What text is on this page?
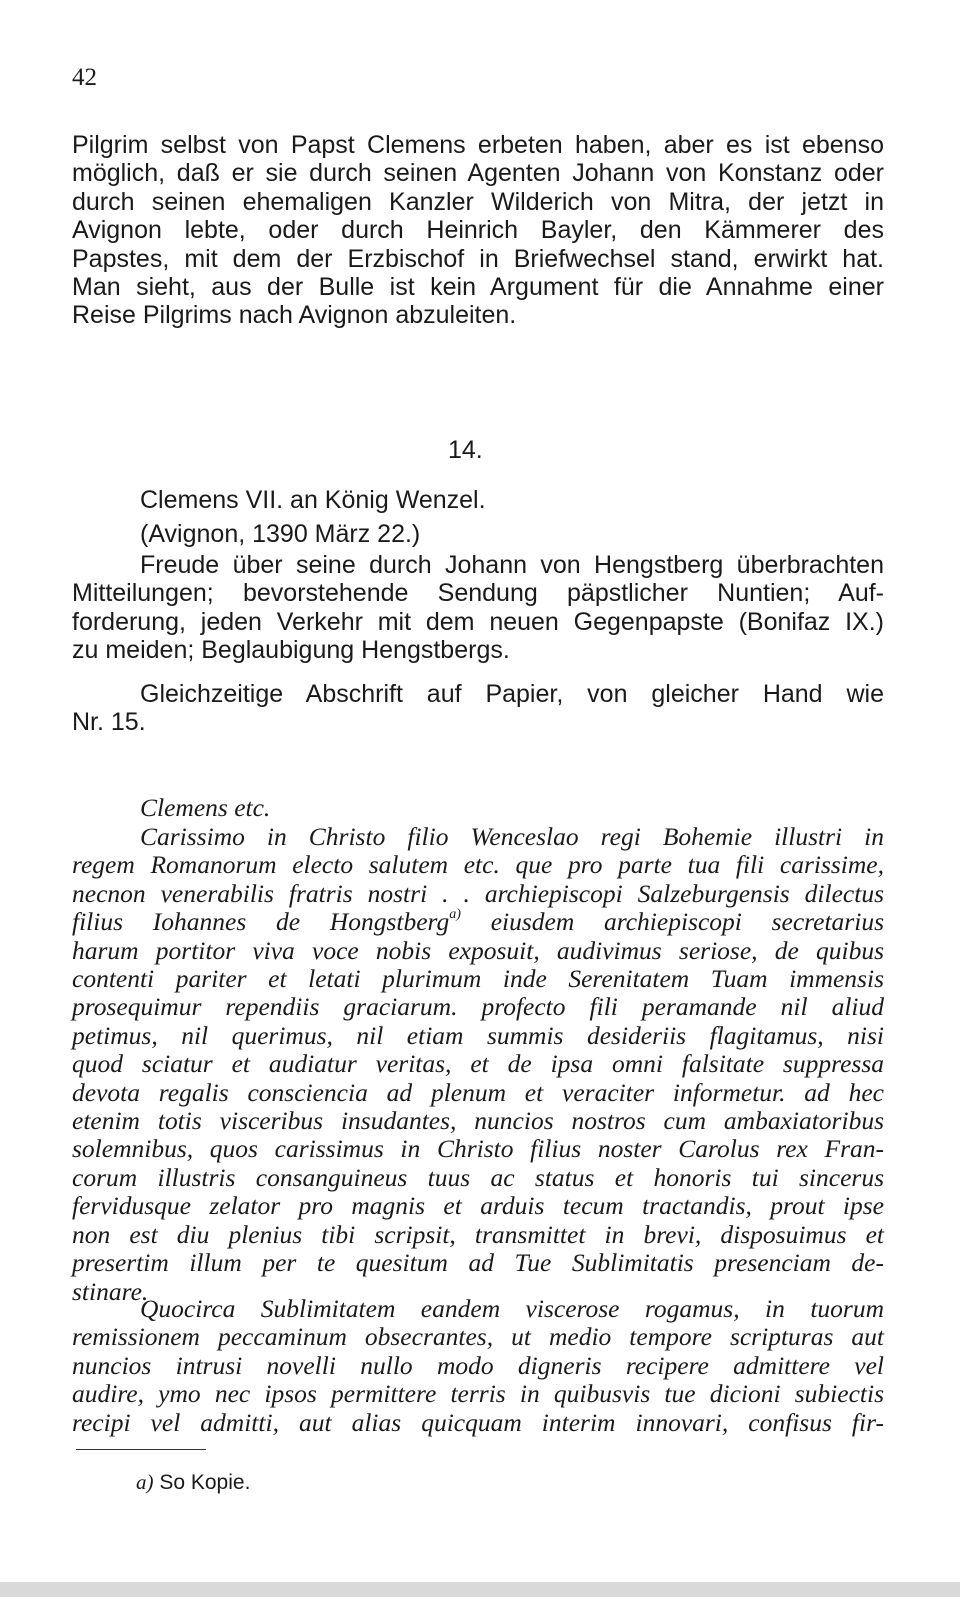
42
Pilgrim selbst von Papst Clemens erbeten haben, aber es ist ebenso
möglich, daß er sie durch seinen Agenten Johann von Konstanz oder
durch seinen ehemaligen Kanzler Wilderich von Mitra, der jetzt in
Avignon lebte, oder durch Heinrich Bayler, den Kämmerer des
Papstes, mit dem der Erzbischof in Briefwechsel stand, erwirkt hat.
Man sieht, aus der Bulle ist kein Argument für die Annahme einer
Reise Pilgrims nach Avignon abzuleiten.
14.
Clemens VII. an König Wenzel.
(Avignon, 1390 März 22.)
Freude über seine durch Johann von Hengstberg überbrachten
Mitteilungen; bevorstehende Sendung päpstlicher Nuntien; Auf-
forderung, jeden Verkehr mit dem neuen Gegenpapste (Bonifaz IX.)
zu meiden; Beglaubigung Hengstbergs.
Gleichzeitige Abschrift auf Papier, von gleicher Hand wie
Nr. 15.
Clemens etc.
Carissimo in Christo filio Wenceslao regi Bohemie illustri in
regem Romanorum electo salutem etc. que pro parte tua fili carissime,
necnon venerabilis fratris nostri . . archiepiscopi Salzeburgensis dilectus
filius Iohannes de Hongstberg$^{a)}$ eiusdem archiepiscopi secretarius
harum portitor viva voce nobis exposuit, audivimus seriose, de quibus
contenti pariter et letati plurimum inde Serenitatem Tuam immensis
prosequimur rependiis graciarum. profecto fili peramande nil aliud
petimus, nil querimus, nil etiam summis desideriis flagitamus, nisi
quod sciatur et audiatur veritas, et de ipsa omni falsitate suppressa
devota regalis consciencia ad plenum et veraciter informetur. ad hec
etenim totis visceribus insudantes, nuncios nostros cum ambaxiatoribus
solemnibus, quos carissimus in Christo filius noster Carolus rex Fran-
corum illustris consanguineus tuus ac status et honoris tui sincerus
fervidusque zelator pro magnis et arduis tecum tractandis, prout ipse
non est diu plenius tibi scripsit, transmittet in brevi, disposuimus et
presertim illum per te quesitum ad Tue Sublimitatis presenciam de-
stinare.
Quocirca Sublimitatem eandem viscerose rogamus, in tuorum
remissionem peccaminum obsecrantes, ut medio tempore scripturas aut
nuncios intrusi novelli nullo modo digneris recipere admittere vel
audire, ymo nec ipsos permittere terris in quibusvis tue dicioni subiectis
recipi vel admitti, aut alias quicquam interim innovari, confisus fir-
a) So Kopie.
